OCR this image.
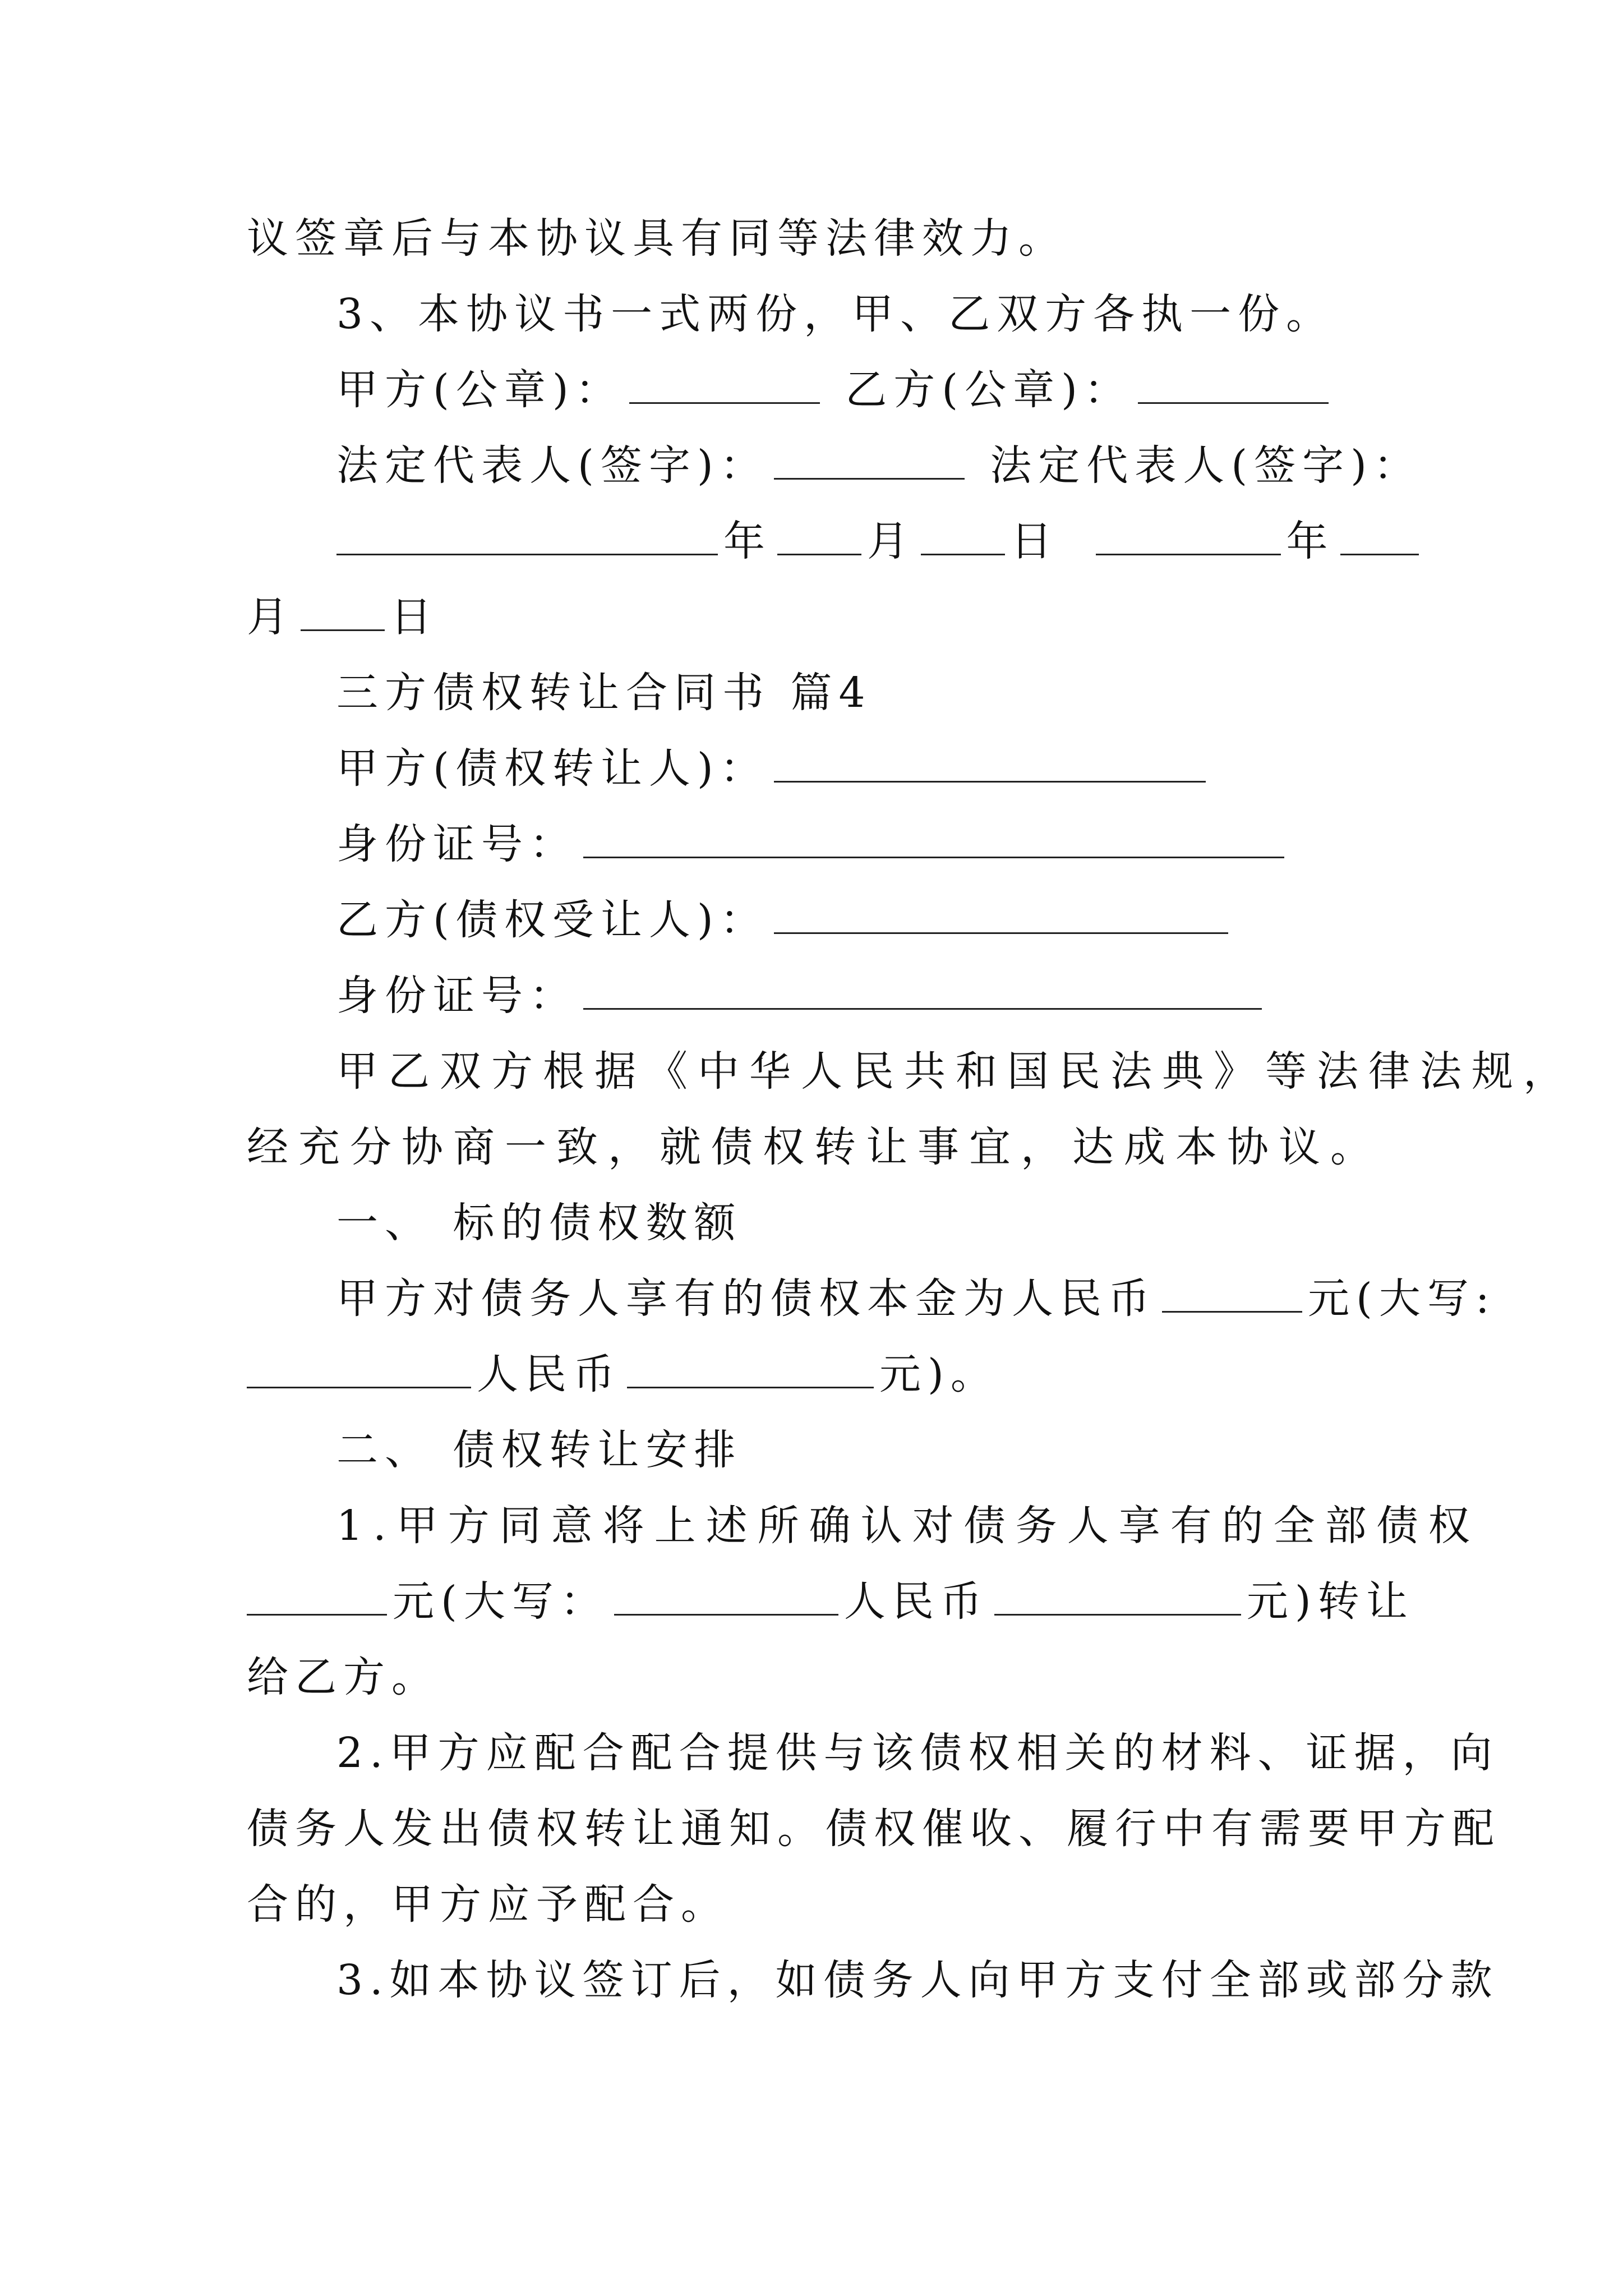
议签章后与本协议具有同等法律效力。
3、本协议书一式两份，甲、乙双方各执一份。
甲方(公章)：	乙方(公章)：
法定代表人(签字)：	法定代表人(签字)：
年 月 日	年
月 日
三方债权转让合同书 篇4
甲方(债权转让人)：
身份证号：
乙方(债权受让人)：
身份证号：
甲乙双方根据《中华人民共和国民法典》等法律法规，
经充分协商一致，就债权转让事宜，达成本协议。
一、 标的债权数额
甲方对债务人享有的债权本金为人民币	元(大写:
人民币	元)。
二、 债权转让安排
1.甲方同意将上述所确认对债务人享有的全部债权
元(大写：	人民币	元)转让
给乙方。
2.甲方应配合配合提供与该债权相关的材料、证据，向
债务人发出债权转让通知。债权催收、履行中有需要甲方配
合的，甲方应予配合。
3.如本协议签订后，如债务人向甲方支付全部或部分款
